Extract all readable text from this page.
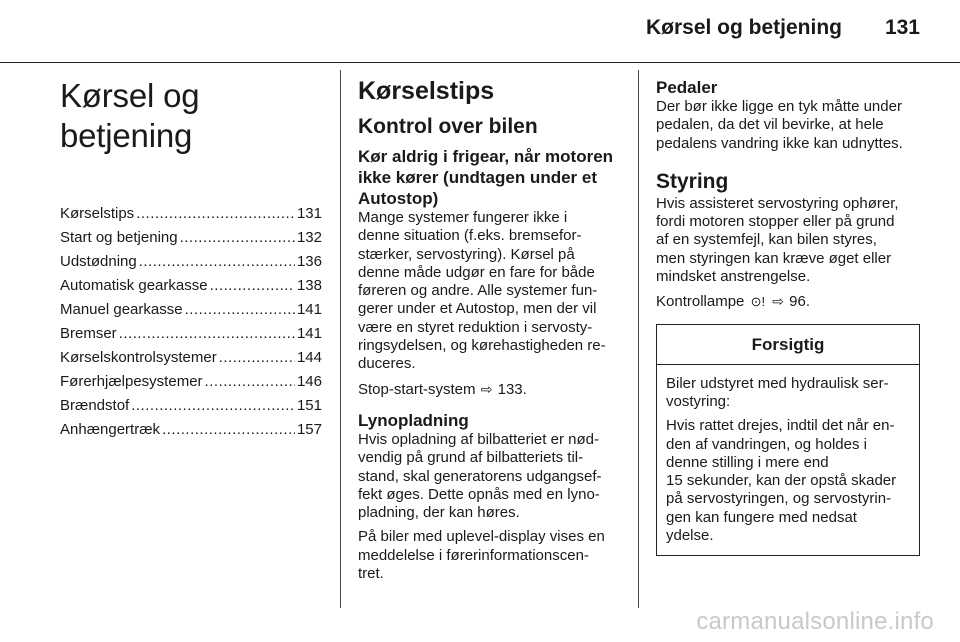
Kørsel og betjening 131
Kørsel og betjening
Kørselstips .....	131
Start og betjening .....	132
Udstødning .....	136
Automatisk gearkasse .....	138
Manuel gearkasse .....	141
Bremser .....	141
Kørselskontrolsystemer .....	144
Førerhjælpesystemer .....	146
Brændstof .....	151
Anhængertræk .....	157
Kørselstips
Kontrol over bilen
Kør aldrig i frigear, når motoren
ikke kører (undtagen under et
Autostop)
Mange systemer fungerer ikke i
denne situation (f.eks. bremsefor-
stærker, servostyring). Kørsel på
denne måde udgør en fare for både
føreren og andre. Alle systemer fun-
gerer under et Autostop, men der vil
være en styret reduktion i servosty-
ringsydelsen, og kørehastigheden re-
duceres.
Stop-start-system ⇨ 133.
Lynopladning
Hvis opladning af bilbatteriet er nød-
vendig på grund af bilbatteriets til-
stand, skal generatorens udgangsef-
fekt øges. Dette opnås med en lyno-
pladning, der kan høres.
På biler med uplevel-display vises en
meddelelse i førerinformationscen-
tret.
Pedaler
Der bør ikke ligge en tyk måtte under
pedalen, da det vil bevirke, at hele
pedalens vandring ikke kan udnyttes.
Styring
Hvis assisteret servostyring ophører,
fordi motoren stopper eller på grund
af en systemfejl, kan bilen styres,
men styringen kan kræve øget eller
mindsket anstrengelse.
Kontrollampe ⊙! ⇨ 96.
Forsigtig
Biler udstyret med hydraulisk ser-
vostyring:
Hvis rattet drejes, indtil det når en-
den af vandringen, og holdes i
denne stilling i mere end
15 sekunder, kan der opstå skader
på servostyringen, og servostyrin-
gen kan fungere med nedsat
ydelse.
carmanualsonline.info
